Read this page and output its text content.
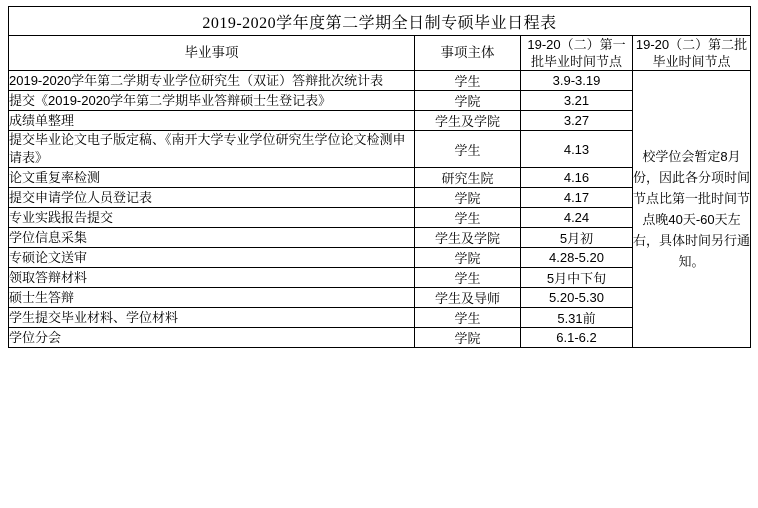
2019-2020学年度第二学期全日制专硕毕业日程表			
毕业事项	事项主体	19-20（二）第一批毕业时间节点	19-20（二）第二批毕业时间节点
2019-2020学年第二学期专业学位研究生（双证）答辩批次统计表	学生	3.9-3.19	校学位会暂定8月份，因此各分项时间节点比第一批时间节点晚40天-60天左右，具体时间另行通知。
提交《2019-2020学年第二学期毕业答辩硕士生登记表》	学院	3.21	
成绩单整理	学生及学院	3.27	
提交毕业论文电子版定稿、《南开大学专业学位研究生学位论文检测申请表》	学生	4.13	
论文重复率检测	研究生院	4.16	
提交申请学位人员登记表	学院	4.17	
专业实践报告提交	学生	4.24	
学位信息采集	学生及学院	5月初	
专硕论文送审	学院	4.28-5.20	
领取答辩材料	学生	5月中下旬	
硕士生答辩	学生及导师	5.20-5.30	
学生提交毕业材料、学位材料	学生	5.31前	
学位分会	学院	6.1-6.2	
